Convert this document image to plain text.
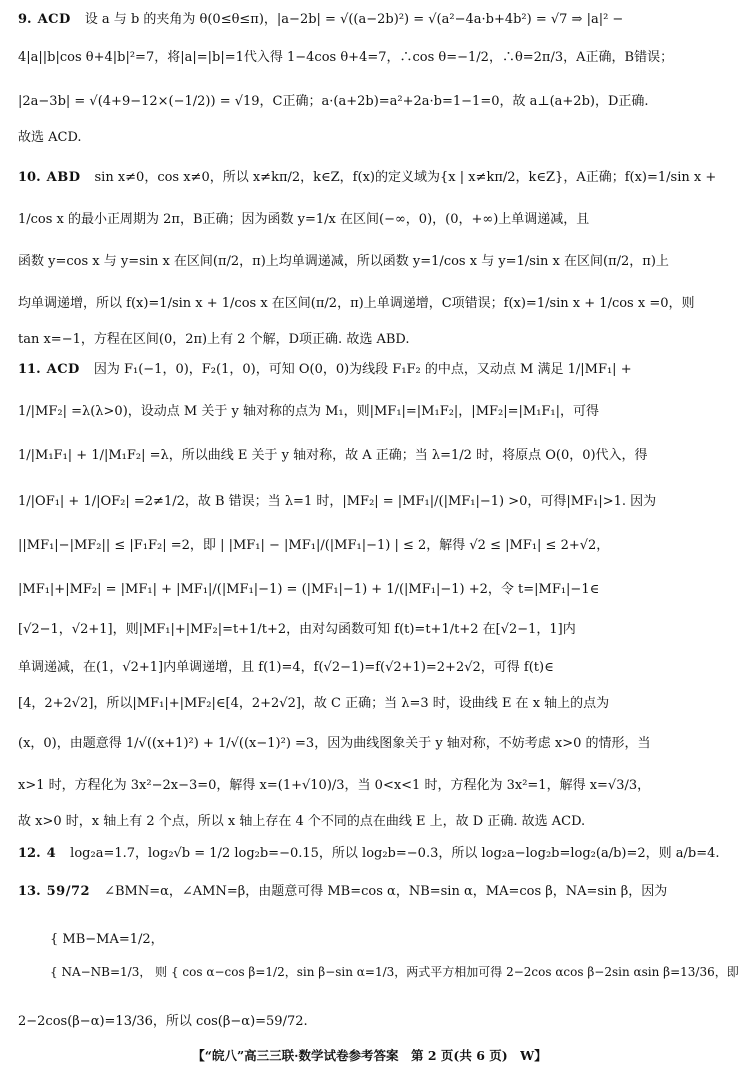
9. ACD 设 a 与 b 的夹角为 θ(0≤θ≤π)，|a−2b| = √((a−2b)²) = √(a²−4a·b+4b²) = √7 ⇒ |a|² −
4|a||b|cos θ+4|b|²=7，将|a|=|b|=1代入得 1−4cos θ+4=7，∴cos θ=−1/2，∴θ=2π/3，A正确，B错误；
|2a−3b| = √(4+9−12×(−1/2)) = √19，C正确；a·(a+2b)=a²+2a·b=1−1=0，故 a⊥(a+2b)，D正确.
故选 ACD.
10. ABD sin x≠0，cos x≠0，所以 x≠kπ/2，k∈Z，f(x)的定义域为{x | x≠kπ/2，k∈Z}，A正确；f(x)=1/sin x +
1/cos x 的最小正周期为 2π，B正确；因为函数 y=1/x 在区间(−∞，0)，(0，+∞)上单调递减，且
函数 y=cos x 与 y=sin x 在区间(π/2，π)上均单调递减，所以函数 y=1/cos x 与 y=1/sin x 在区间(π/2，π)上
均单调递增，所以 f(x)=1/sin x + 1/cos x 在区间(π/2，π)上单调递增，C项错误；f(x)=1/sin x + 1/cos x =0，则
tan x=−1，方程在区间(0，2π)上有 2 个解，D项正确. 故选 ABD.
11. ACD 因为 F₁(−1，0)，F₂(1，0)，可知 O(0，0)为线段 F₁F₂ 的中点，又动点 M 满足 1/|MF₁| +
1/|MF₂| =λ(λ>0)，设动点 M 关于 y 轴对称的点为 M₁，则|MF₁|=|M₁F₂|，|MF₂|=|M₁F₁|，可得
1/|M₁F₁| + 1/|M₁F₂| =λ，所以曲线 E 关于 y 轴对称，故 A 正确；当 λ=1/2 时，将原点 O(0，0)代入，得
1/|OF₁| + 1/|OF₂| =2≠1/2，故 B 错误；当 λ=1 时，|MF₂| = |MF₁|/(|MF₁|−1) >0，可得|MF₁|>1. 因为
||MF₁|−|MF₂|| ≤ |F₁F₂| =2，即 | |MF₁| − |MF₁|/(|MF₁|−1) | ≤ 2，解得 √2 ≤ |MF₁| ≤ 2+√2，
|MF₁|+|MF₂| = |MF₁| + |MF₁|/(|MF₁|−1) = (|MF₁|−1) + 1/(|MF₁|−1) +2，令 t=|MF₁|−1∈
[√2−1，√2+1]，则|MF₁|+|MF₂|=t+1/t+2，由对勾函数可知 f(t)=t+1/t+2 在[√2−1，1]内
单调递减，在(1，√2+1]内单调递增，且 f(1)=4，f(√2−1)=f(√2+1)=2+2√2，可得 f(t)∈
[4，2+2√2]，所以|MF₁|+|MF₂|∈[4，2+2√2]，故 C 正确；当 λ=3 时，设曲线 E 在 x 轴上的点为
(x，0)，由题意得 1/√((x+1)²) + 1/√((x−1)²) =3，因为曲线图象关于 y 轴对称，不妨考虑 x>0 的情形，当
x>1 时，方程化为 3x²−2x−3=0，解得 x=(1+√10)/3，当 0<x<1 时，方程化为 3x²=1，解得 x=√3/3，
故 x>0 时，x 轴上有 2 个点，所以 x 轴上存在 4 个不同的点在曲线 E 上，故 D 正确. 故选 ACD.
12. 4 log₂a=1.7，log₂√b = 1/2 log₂b=−0.15，所以 log₂b=−0.3，所以 log₂a−log₂b=log₂(a/b)=2，则 a/b=4.
13. 59/72 ∠BMN=α，∠AMN=β，由题意可得 MB=cos α，NB=sin α，MA=cos β，NA=sin β，因为
{ MB−MA=1/2，
{ NA−NB=1/3， 则 { cos α−cos β=1/2，sin β−sin α=1/3，两式平方相加可得 2−2cos αcos β−2sin αsin β=13/36，即
2−2cos(β−α)=13/36，所以 cos(β−α)=59/72.
【“皖八”高三三联·数学试卷参考答案　第 2 页(共 6 页)　W】
